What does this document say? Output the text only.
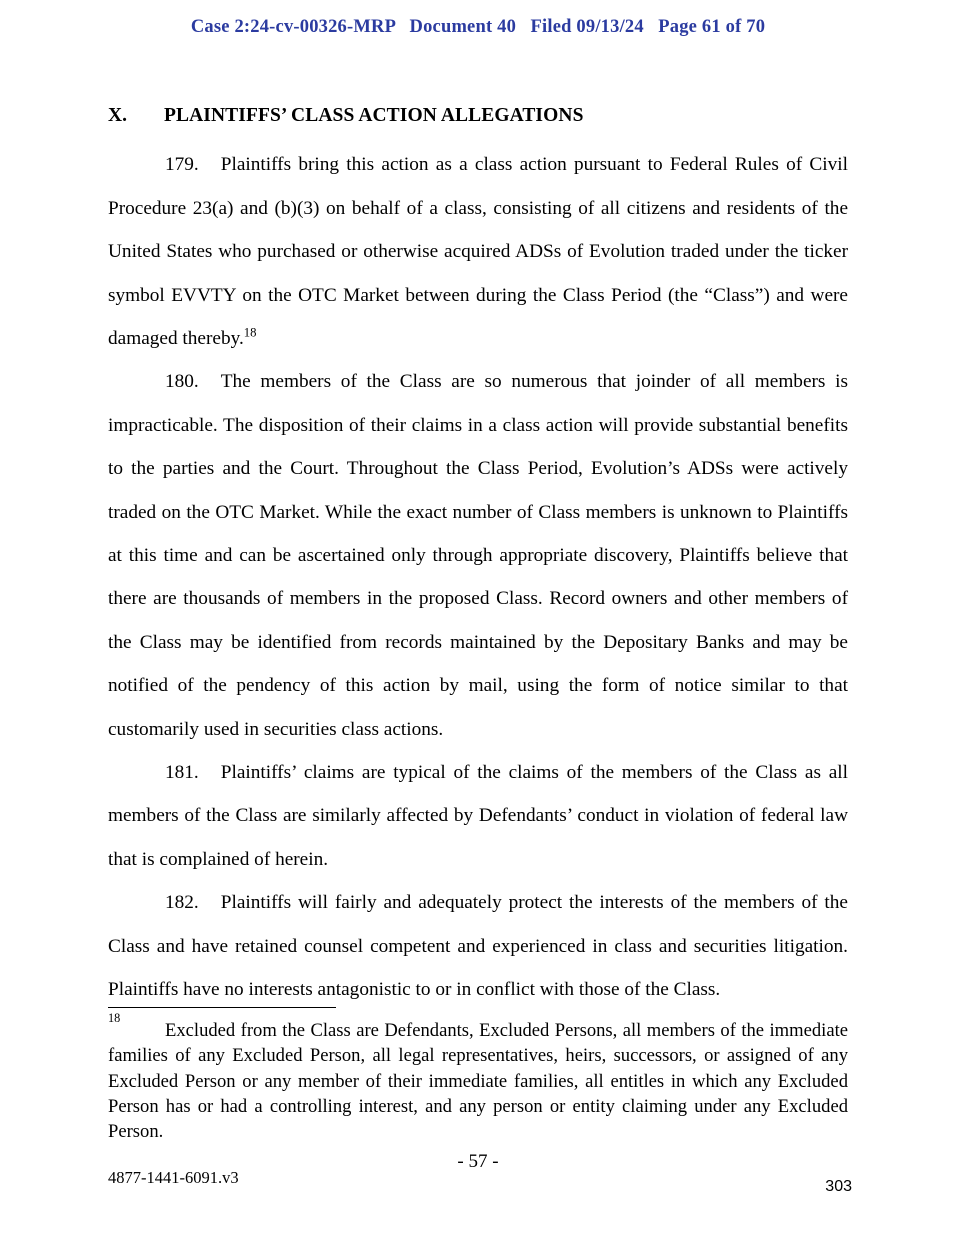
Case 2:24-cv-00326-MRP   Document 40   Filed 09/13/24   Page 61 of 70
X.	PLAINTIFFS’ CLASS ACTION ALLEGATIONS

179. Plaintiffs bring this action as a class action pursuant to Federal Rules of Civil Procedure 23(a) and (b)(3) on behalf of a class, consisting of all citizens and residents of the United States who purchased or otherwise acquired ADSs of Evolution traded under the ticker symbol EVVTY on the OTC Market between during the Class Period (the “Class”) and were damaged thereby.$^{18}$

180. The members of the Class are so numerous that joinder of all members is impracticable. The disposition of their claims in a class action will provide substantial benefits to the parties and the Court. Throughout the Class Period, Evolution’s ADSs were actively traded on the OTC Market. While the exact number of Class members is unknown to Plaintiffs at this time and can be ascertained only through appropriate discovery, Plaintiffs believe that there are thousands of members in the proposed Class. Record owners and other members of the Class may be identified from records maintained by the Depositary Banks and may be notified of the pendency of this action by mail, using the form of notice similar to that customarily used in securities class actions.

181. Plaintiffs’ claims are typical of the claims of the members of the Class as all members of the Class are similarly affected by Defendants’ conduct in violation of federal law that is complained of herein.

182. Plaintiffs will fairly and adequately protect the interests of the members of the Class and have retained counsel competent and experienced in class and securities litigation. Plaintiffs have no interests antagonistic to or in conflict with those of the Class.

$^{18}$Excluded from the Class are Defendants, Excluded Persons, all members of the immediate families of any Excluded Person, all legal representatives, heirs, successors, or assigned of any Excluded Person or any member of their immediate families, all entitles in which any Excluded Person has or had a controlling interest, and any person or entity claiming under any Excluded Person.
- 57 -
4877-1441-6091.v3	303
